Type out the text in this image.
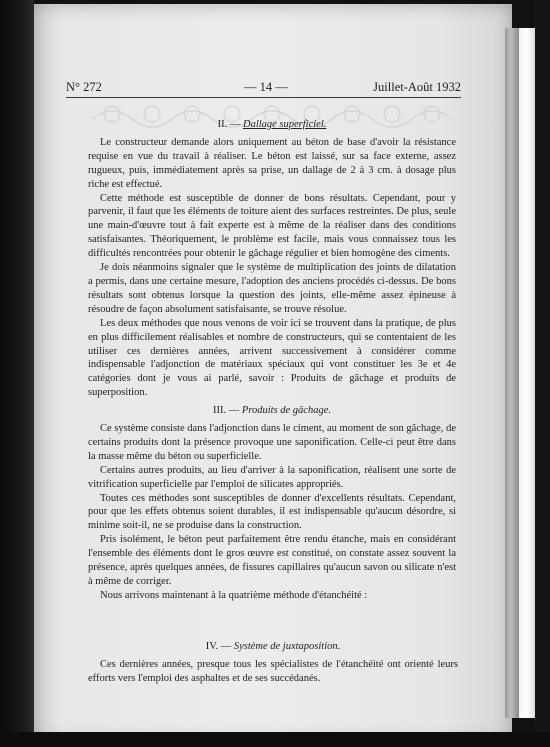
N° 272	— 14 —	Juillet-Août 1932
II. — Dallage superficiel.

Le constructeur demande alors uniquement au béton de base d'avoir la résistance requise en vue du travail à réaliser. Le béton est laissé, sur sa face externe, assez rugueux, puis, immédiatement après sa prise, un dallage de 2 à 3 cm. à dosage plus riche est effectué.

Cette méthode est susceptible de donner de bons résultats. Cependant, pour y parvenir, il faut que les éléments de toiture aient des surfaces restreintes. De plus, seule une main-d'œuvre tout à fait experte est à même de la réaliser dans des conditions satisfaisantes. Théoriquement, le problème est facile, mais vous connaissez tous les difficultés rencontrées pour obtenir le gâchage régulier et bien homogène des ciments.

Je dois néanmoins signaler que le système de multiplication des joints de dilatation a permis, dans une certaine mesure, l'adoption des anciens procédés ci-dessus. De bons résultats sont obtenus lorsque la question des joints, elle-même assez épineuse à résoudre de façon absolument satisfaisante, se trouve résolue.

Les deux méthodes que nous venons de voir ici se trouvent dans la pratique, de plus en plus difficilement réalisables et nombre de constructeurs, qui se contentaient de les utiliser ces dernières années, arrivent successivement à considérer comme indispensable l'adjonction de matériaux spéciaux qui vont constituer les 3e et 4e catégories dont je vous ai parlé, savoir : Produits de gâchage et produits de superposition.

III. — Produits de gâchage.

Ce système consiste dans l'adjonction dans le ciment, au moment de son gâchage, de certains produits dont la présence provoque une saponification. Celle-ci peut être dans la masse même du béton ou superficielle.

Certains autres produits, au lieu d'arriver à la saponification, réalisent une sorte de vitrification superficielle par l'emploi de silicates appropriés.

Toutes ces méthodes sont susceptibles de donner d'excellents résultats. Cependant, pour que les effets obtenus soient durables, il est indispensable qu'aucun désordre, si minime soit-il, ne se produise dans la construction.

Pris isolément, le béton peut parfaitement être rendu étanche, mais en considérant l'ensemble des éléments dont le gros œuvre est constitué, on constate assez souvent la présence, après quelques années, de fissures capillaires qu'aucun savon ou silicate n'est à même de corriger.

Nous arrivons maintenant à la quatrième méthode d'étanchéité :

IV. — Système de juxtaposition.

Ces dernières années, presque tous les spécialistes de l'étanchéité ont orienté leurs efforts vers l'emploi des asphaltes et de ses succédanés.
